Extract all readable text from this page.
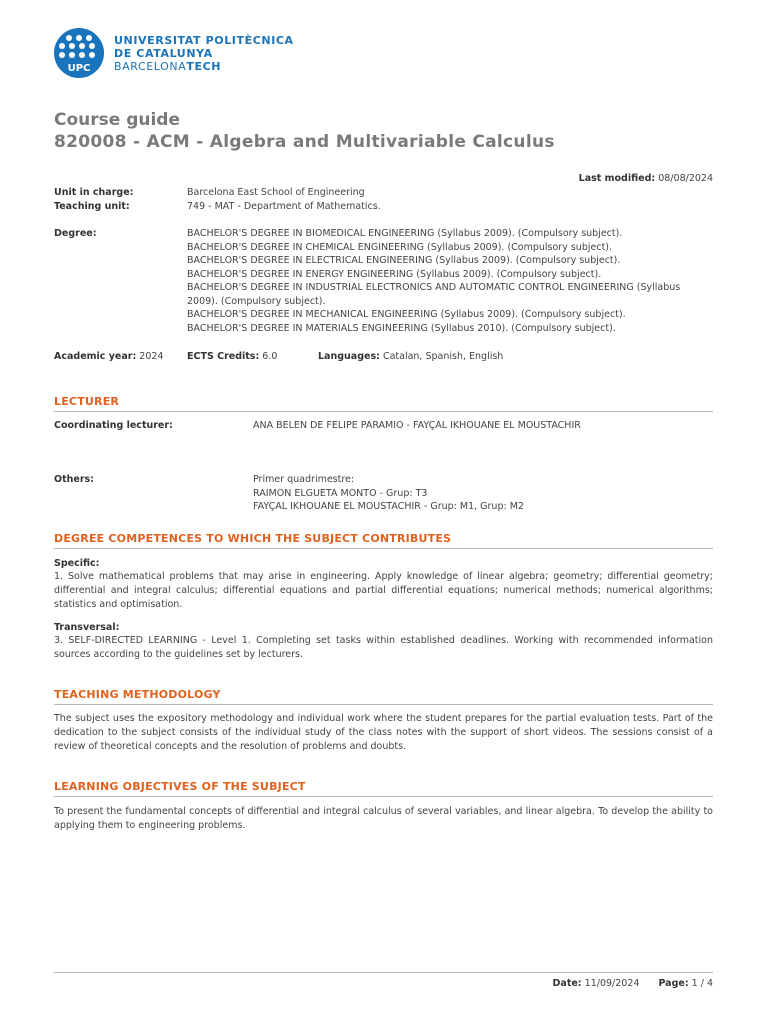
UPC
UNIVERSITAT POLITÈCNICA
DE CATALUNYA
BARCELONATECH
Course guide
820008 - ACM - Algebra and Multivariable Calculus
Last modified: 08/08/2024
Unit in charge:	Barcelona East School of Engineering
Teaching unit:	749 - MAT - Department of Mathematics.
Degree:	BACHELOR'S DEGREE IN BIOMEDICAL ENGINEERING (Syllabus 2009). (Compulsory subject).
BACHELOR'S DEGREE IN CHEMICAL ENGINEERING (Syllabus 2009). (Compulsory subject).
BACHELOR'S DEGREE IN ELECTRICAL ENGINEERING (Syllabus 2009). (Compulsory subject).
BACHELOR'S DEGREE IN ENERGY ENGINEERING (Syllabus 2009). (Compulsory subject).
BACHELOR'S DEGREE IN INDUSTRIAL ELECTRONICS AND AUTOMATIC CONTROL ENGINEERING (Syllabus 2009). (Compulsory subject).
BACHELOR'S DEGREE IN MECHANICAL ENGINEERING (Syllabus 2009). (Compulsory subject).
BACHELOR'S DEGREE IN MATERIALS ENGINEERING (Syllabus 2010). (Compulsory subject).
Academic year: 2024 ECTS Credits: 6.0	Languages: Catalan, Spanish, English
LECTURER
Coordinating lecturer:	ANA BELEN DE FELIPE PARAMIO - FAYÇAL IKHOUANE EL MOUSTACHIR
Others:	Primer quadrimestre:
RAIMON ELGUETA MONTO - Grup: T3
FAYÇAL IKHOUANE EL MOUSTACHIR - Grup: M1, Grup: M2
DEGREE COMPETENCES TO WHICH THE SUBJECT CONTRIBUTES
Specific:
1. Solve mathematical problems that may arise in engineering. Apply knowledge of linear algebra; geometry; differential geometry; differential and integral calculus; differential equations and partial differential equations; numerical methods; numerical algorithms; statistics and optimisation.
Transversal:
3. SELF-DIRECTED LEARNING - Level 1. Completing set tasks within established deadlines. Working with recommended information sources according to the guidelines set by lecturers.
TEACHING METHODOLOGY
The subject uses the expository methodology and individual work where the student prepares for the partial evaluation tests. Part of the dedication to the subject consists of the individual study of the class notes with the support of short videos. The sessions consist of a review of theoretical concepts and the resolution of problems and doubts.
LEARNING OBJECTIVES OF THE SUBJECT
To present the fundamental concepts of differential and integral calculus of several variables, and linear algebra. To develop the ability to applying them to engineering problems.
Date: 11/09/2024 Page: 1 / 4
